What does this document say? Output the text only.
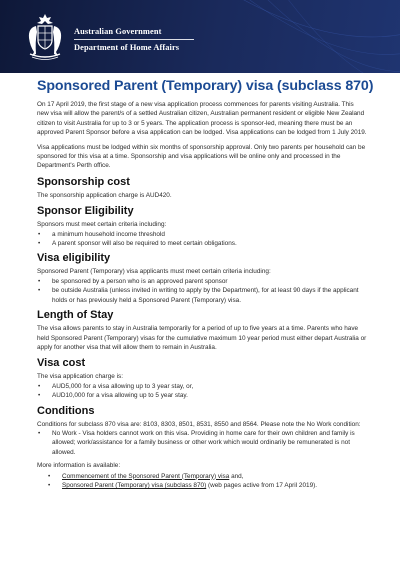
Australian Government
Department of Home Affairs
Sponsored Parent (Temporary) visa (subclass 870)

On 17 April 2019, the first stage of a new visa application process commences for parents visiting Australia. This new visa will allow the parent/s of a settled Australian citizen, Australian permanent resident or eligible New Zealand citizen to visit Australia for up to 3 or 5 years. The application process is sponsor-led, meaning there must be an approved Parent Sponsor before a visa application can be lodged. Visa applications can be lodged from 1 July 2019.

Visa applications must be lodged within six months of sponsorship approval. Only two parents per household can be sponsored for this visa at a time. Sponsorship and visa applications will be online only and processed in the Department's Perth office.

Sponsorship cost

The sponsorship application charge is AUD420.

Sponsor Eligibility

Sponsors must meet certain criteria including:

• a minimum household income threshold
• A parent sponsor will also be required to meet certain obligations.
Visa eligibility

Sponsored Parent (Temporary) visa applicants must meet certain criteria including:

• be sponsored by a person who is an approved parent sponsor
• be outside Australia (unless invited in writing to apply by the Department), for at least 90 days if the applicant holds or has previously held a Sponsored Parent (Temporary) visa.
Length of Stay

The visa allows parents to stay in Australia temporarily for a period of up to five years at a time. Parents who have held Sponsored Parent (Temporary) visas for the cumulative maximum 10 year period must either depart Australia or apply for another visa that will allow them to remain in Australia.

Visa cost

The visa application charge is:

• AUD5,000 for a visa allowing up to 3 year stay, or,
• AUD10,000 for a visa allowing up to 5 year stay.
Conditions

Conditions for subclass 870 visa are: 8103, 8303, 8501, 8531, 8550 and 8564. Please note the No Work condition:

• No Work - Visa holders cannot work on this visa. Providing in home care for their own children and family is allowed; work/assistance for a family business or other work which would ordinarily be remunerated is not allowed.

More information is available:

• Commencement of the Sponsored Parent (Temporary) visa and,
• Sponsored Parent (Temporary) visa (subclass 870) (web pages active from 17 April 2019).
